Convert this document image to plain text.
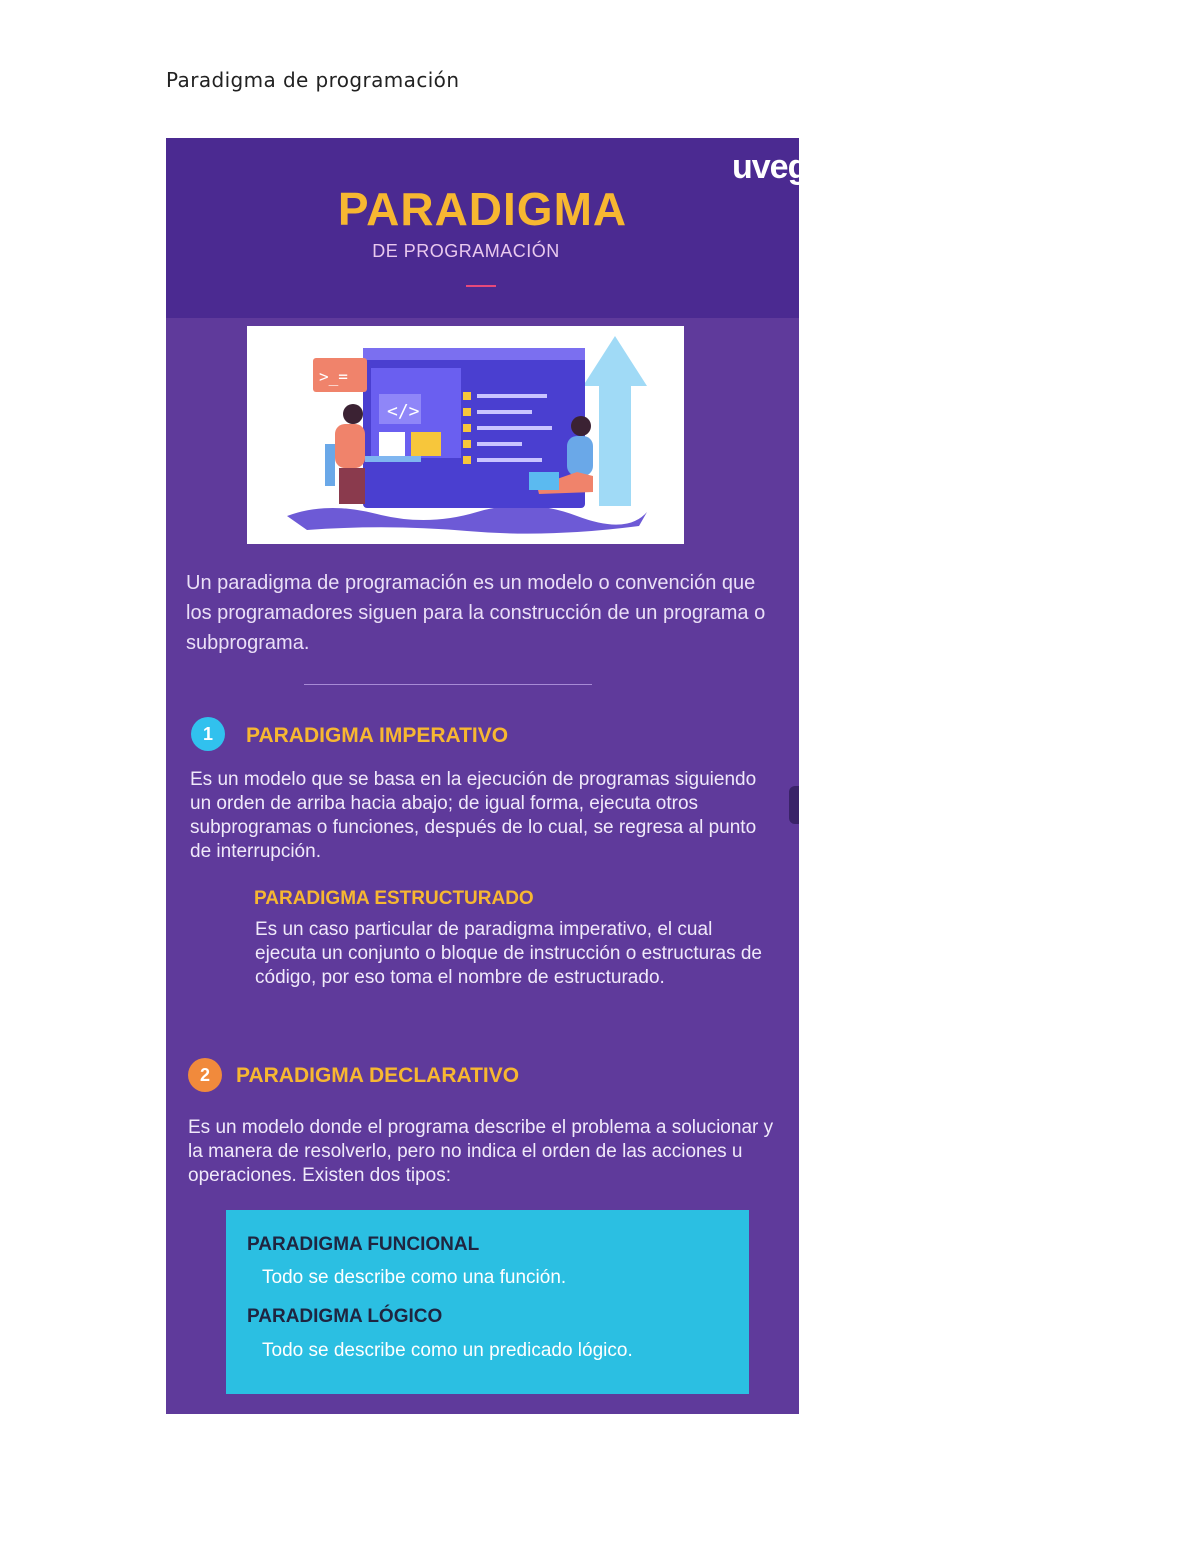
Paradigma de programación
uveg
PARADIGMA
DE PROGRAMACIÓN
</>
>_=
Un paradigma de programación es un modelo o convención que los programadores siguen para la construcción de un programa o subprograma.
1	PARADIGMA IMPERATIVO
Es un modelo que se basa en la ejecución de programas siguiendo un orden de arriba hacia abajo; de igual forma, ejecuta otros subprogramas o funciones, después de lo cual, se regresa al punto de interrupción.
PARADIGMA ESTRUCTURADO
Es un caso particular de paradigma imperativo, el cual ejecuta un conjunto o bloque de instrucción o estructuras de código, por eso toma el nombre de estructurado.
2	PARADIGMA DECLARATIVO
Es un modelo donde el programa describe el problema a solucionar y la manera de resolverlo, pero no indica el orden de las acciones u operaciones. Existen dos tipos:
PARADIGMA FUNCIONAL
Todo se describe como una función.
PARADIGMA LÓGICO
Todo se describe como un predicado lógico.
